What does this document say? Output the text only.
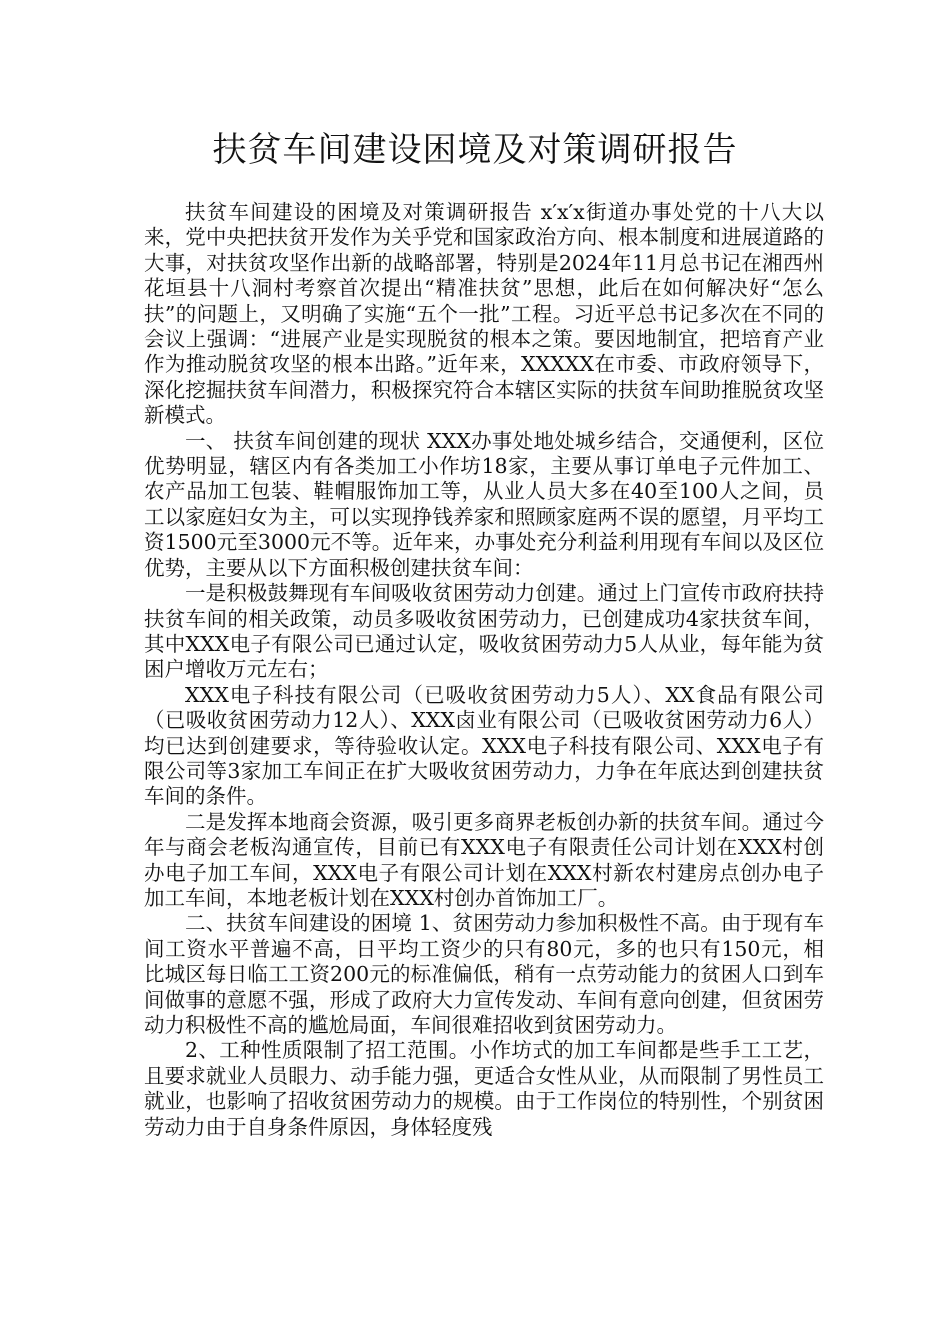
扶贫车间建设困境及对策调研报告

扶贫车间建设的困境及对策调研报告 x′x′x街道办事处党的十八大以来，党中央把扶贫开发作为关乎党和国家政治方向、根本制度和进展道路的大事，对扶贫攻坚作出新的战略部署，特别是2024年11月总书记在湘西州花垣县十八洞村考察首次提出“精准扶贫”思想，此后在如何解决好“怎么扶”的问题上，又明确了实施“五个一批”工程。习近平总书记多次在不同的会议上强调：“进展产业是实现脱贫的根本之策。要因地制宜，把培育产业作为推动脱贫攻坚的根本出路。”近年来，XXXXX在市委、市政府领导下，深化挖掘扶贫车间潜力，积极探究符合本辖区实际的扶贫车间助推脱贫攻坚新模式。

一、 扶贫车间创建的现状 XXX办事处地处城乡结合，交通便利，区位优势明显，辖区内有各类加工小作坊18家，主要从事订单电子元件加工、农产品加工包装、鞋帽服饰加工等，从业人员大多在40至100人之间，员工以家庭妇女为主，可以实现挣钱养家和照顾家庭两不误的愿望，月平均工资1500元至3000元不等。近年来，办事处充分利益利用现有车间以及区位优势，主要从以下方面积极创建扶贫车间：

一是积极鼓舞现有车间吸收贫困劳动力创建。通过上门宣传市政府扶持扶贫车间的相关政策，动员多吸收贫困劳动力，已创建成功4家扶贫车间，其中XXX电子有限公司已通过认定，吸收贫困劳动力5人从业，每年能为贫困户增收万元左右；

XXX电子科技有限公司（已吸收贫困劳动力5人）、XX食品有限公司（已吸收贫困劳动力12人）、XXX卤业有限公司（已吸收贫困劳动力6人）均已达到创建要求，等待验收认定。XXX电子科技有限公司、XXX电子有限公司等3家加工车间正在扩大吸收贫困劳动力，力争在年底达到创建扶贫车间的条件。

二是发挥本地商会资源，吸引更多商界老板创办新的扶贫车间。通过今年与商会老板沟通宣传，目前已有XXX电子有限责任公司计划在XXX村创办电子加工车间，XXX电子有限公司计划在XXX村新农村建房点创办电子加工车间，本地老板计划在XXX村创办首饰加工厂。

二、扶贫车间建设的困境 1、贫困劳动力参加积极性不高。由于现有车间工资水平普遍不高，日平均工资少的只有80元，多的也只有150元，相比城区每日临工工资200元的标准偏低，稍有一点劳动能力的贫困人口到车间做事的意愿不强，形成了政府大力宣传发动、车间有意向创建，但贫困劳动力积极性不高的尴尬局面，车间很难招收到贫困劳动力。

2、工种性质限制了招工范围。小作坊式的加工车间都是些手工工艺，且要求就业人员眼力、动手能力强，更适合女性从业，从而限制了男性员工就业，也影响了招收贫困劳动力的规模。由于工作岗位的特别性，个别贫困劳动力由于自身条件原因，身体轻度残
